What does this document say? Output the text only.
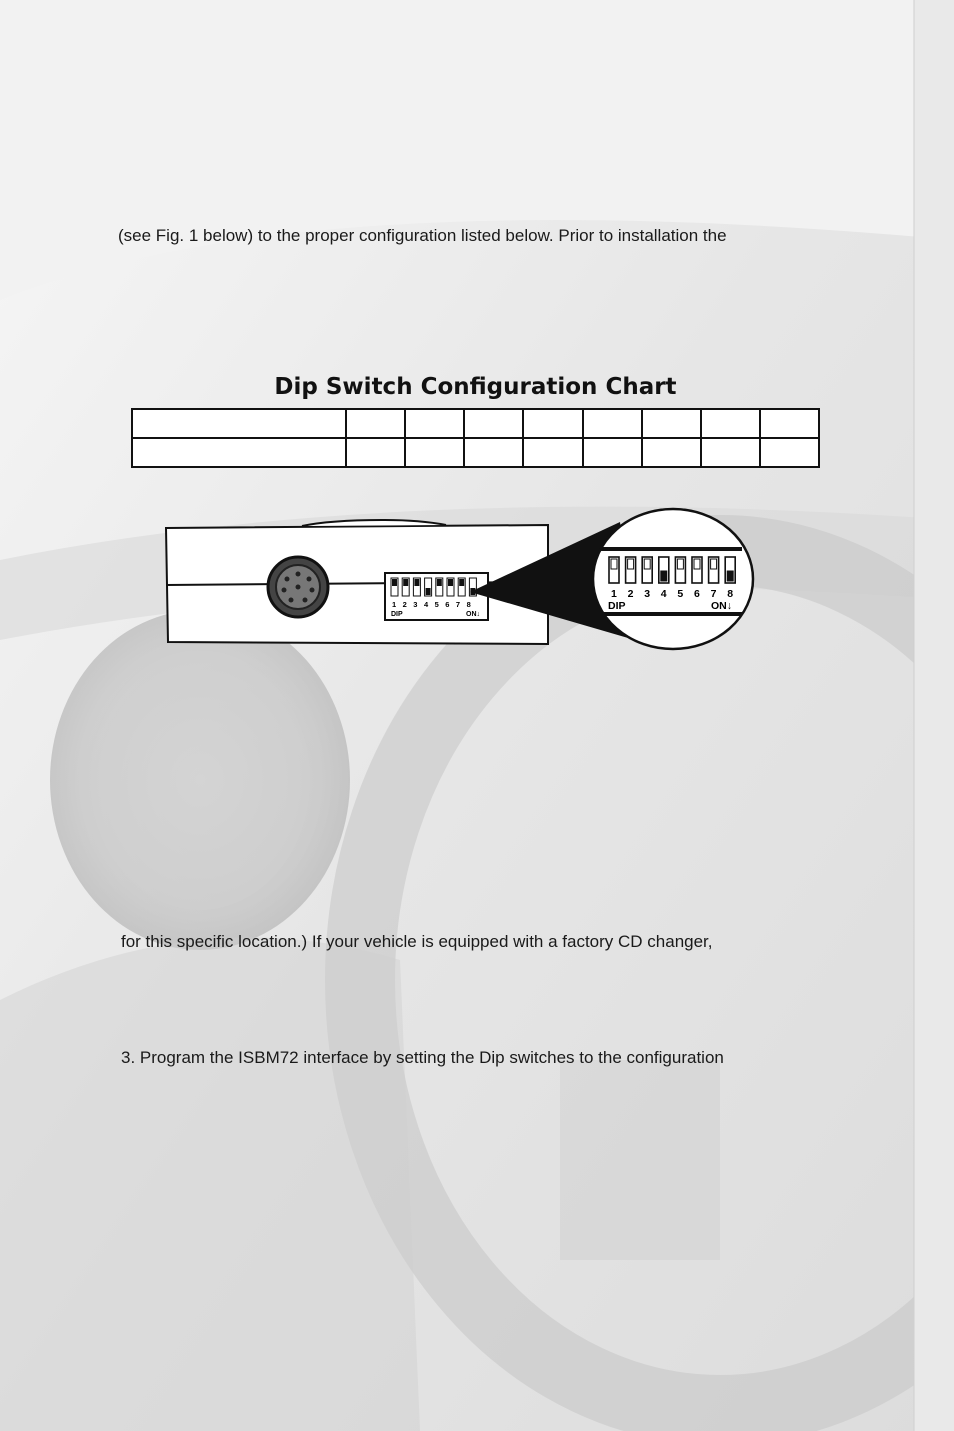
(see Fig. 1 below) to the proper configuration listed below. Prior to installation the
Dip Switch Configuration Chart

1 2 3 4 5 6 7 8
DIP	ON↓
1 2 3 4 5 6 7 8
DIP	ON↓
for this specific location.) If your vehicle is equipped with a factory CD changer,
3. Program the ISBM72 interface by setting the Dip switches to the configuration
